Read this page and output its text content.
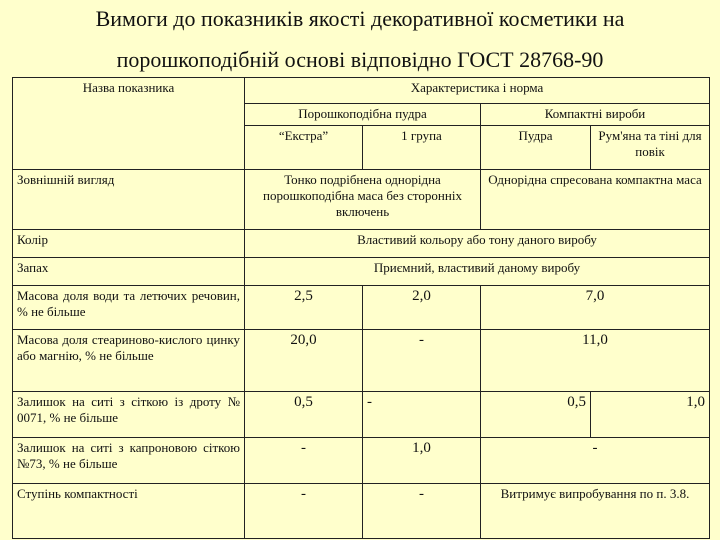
Вимоги до показників якості декоративної косметики на
порошкоподібній основі відповідно ГОСТ 28768-90
Назва показника	Характеристика і норма			
	Порошкоподібна пудра		Компактні вироби	
	“Екстра”	1 група	Пудра	Рум'яна та тіні для повік
Зовнішній вигляд	Тонко подрібнена однорідна порошкоподібна маса без сторонніх включень		Однорідна спресована компактна маса	
Колір	Властивий кольору або тону даного виробу			
Запах	Приємний, властивий даному виробу			
Масова доля води та летючих речовин, % не більше	2,5	2,0	7,0	
Масова доля стеариново-кислого цинку або магнію, % не більше	20,0	-	11,0	
Залишок на ситі з сіткою із дроту № 0071, % не більше	0,5	-	0,5	1,0
Залишок на ситі з капроновою сіткою №73, % не більше	-	1,0	-	
Ступінь компактності	-	-	Витримує випробування по п. 3.8.	
